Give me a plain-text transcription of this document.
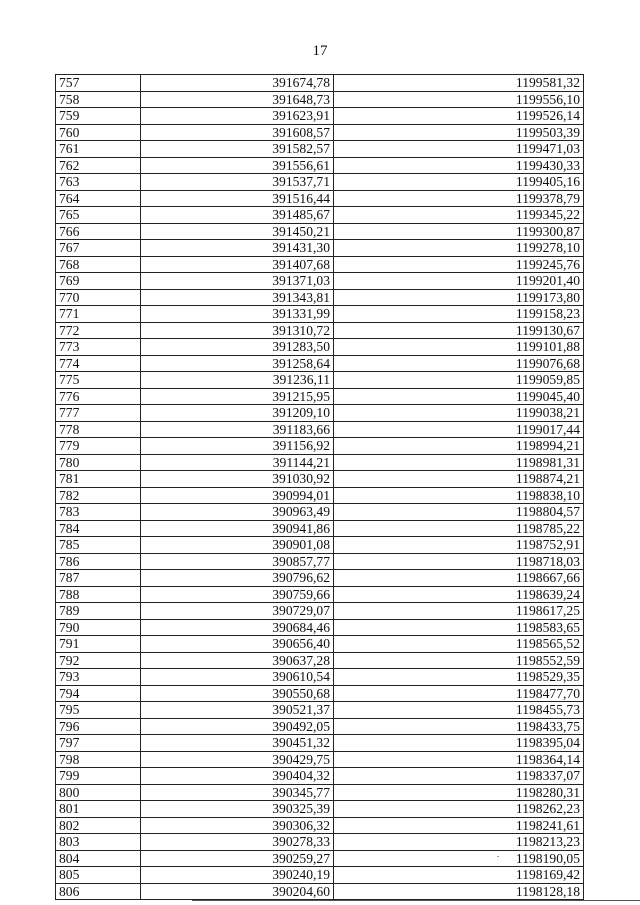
17
757	391674,78	1199581,32
758	391648,73	1199556,10
759	391623,91	1199526,14
760	391608,57	1199503,39
761	391582,57	1199471,03
762	391556,61	1199430,33
763	391537,71	1199405,16
764	391516,44	1199378,79
765	391485,67	1199345,22
766	391450,21	1199300,87
767	391431,30	1199278,10
768	391407,68	1199245,76
769	391371,03	1199201,40
770	391343,81	1199173,80
771	391331,99	1199158,23
772	391310,72	1199130,67
773	391283,50	1199101,88
774	391258,64	1199076,68
775	391236,11	1199059,85
776	391215,95	1199045,40
777	391209,10	1199038,21
778	391183,66	1199017,44
779	391156,92	1198994,21
780	391144,21	1198981,31
781	391030,92	1198874,21
782	390994,01	1198838,10
783	390963,49	1198804,57
784	390941,86	1198785,22
785	390901,08	1198752,91
786	390857,77	1198718,03
787	390796,62	1198667,66
788	390759,66	1198639,24
789	390729,07	1198617,25
790	390684,46	1198583,65
791	390656,40	1198565,52
792	390637,28	1198552,59
793	390610,54	1198529,35
794	390550,68	1198477,70
795	390521,37	1198455,73
796	390492,05	1198433,75
797	390451,32	1198395,04
798	390429,75	1198364,14
799	390404,32	1198337,07
800	390345,77	1198280,31
801	390325,39	1198262,23
802	390306,32	1198241,61
803	390278,33	1198213,23
804	390259,27	1198190,05
805	390240,19	1198169,42
806	390204,60	1198128,18
